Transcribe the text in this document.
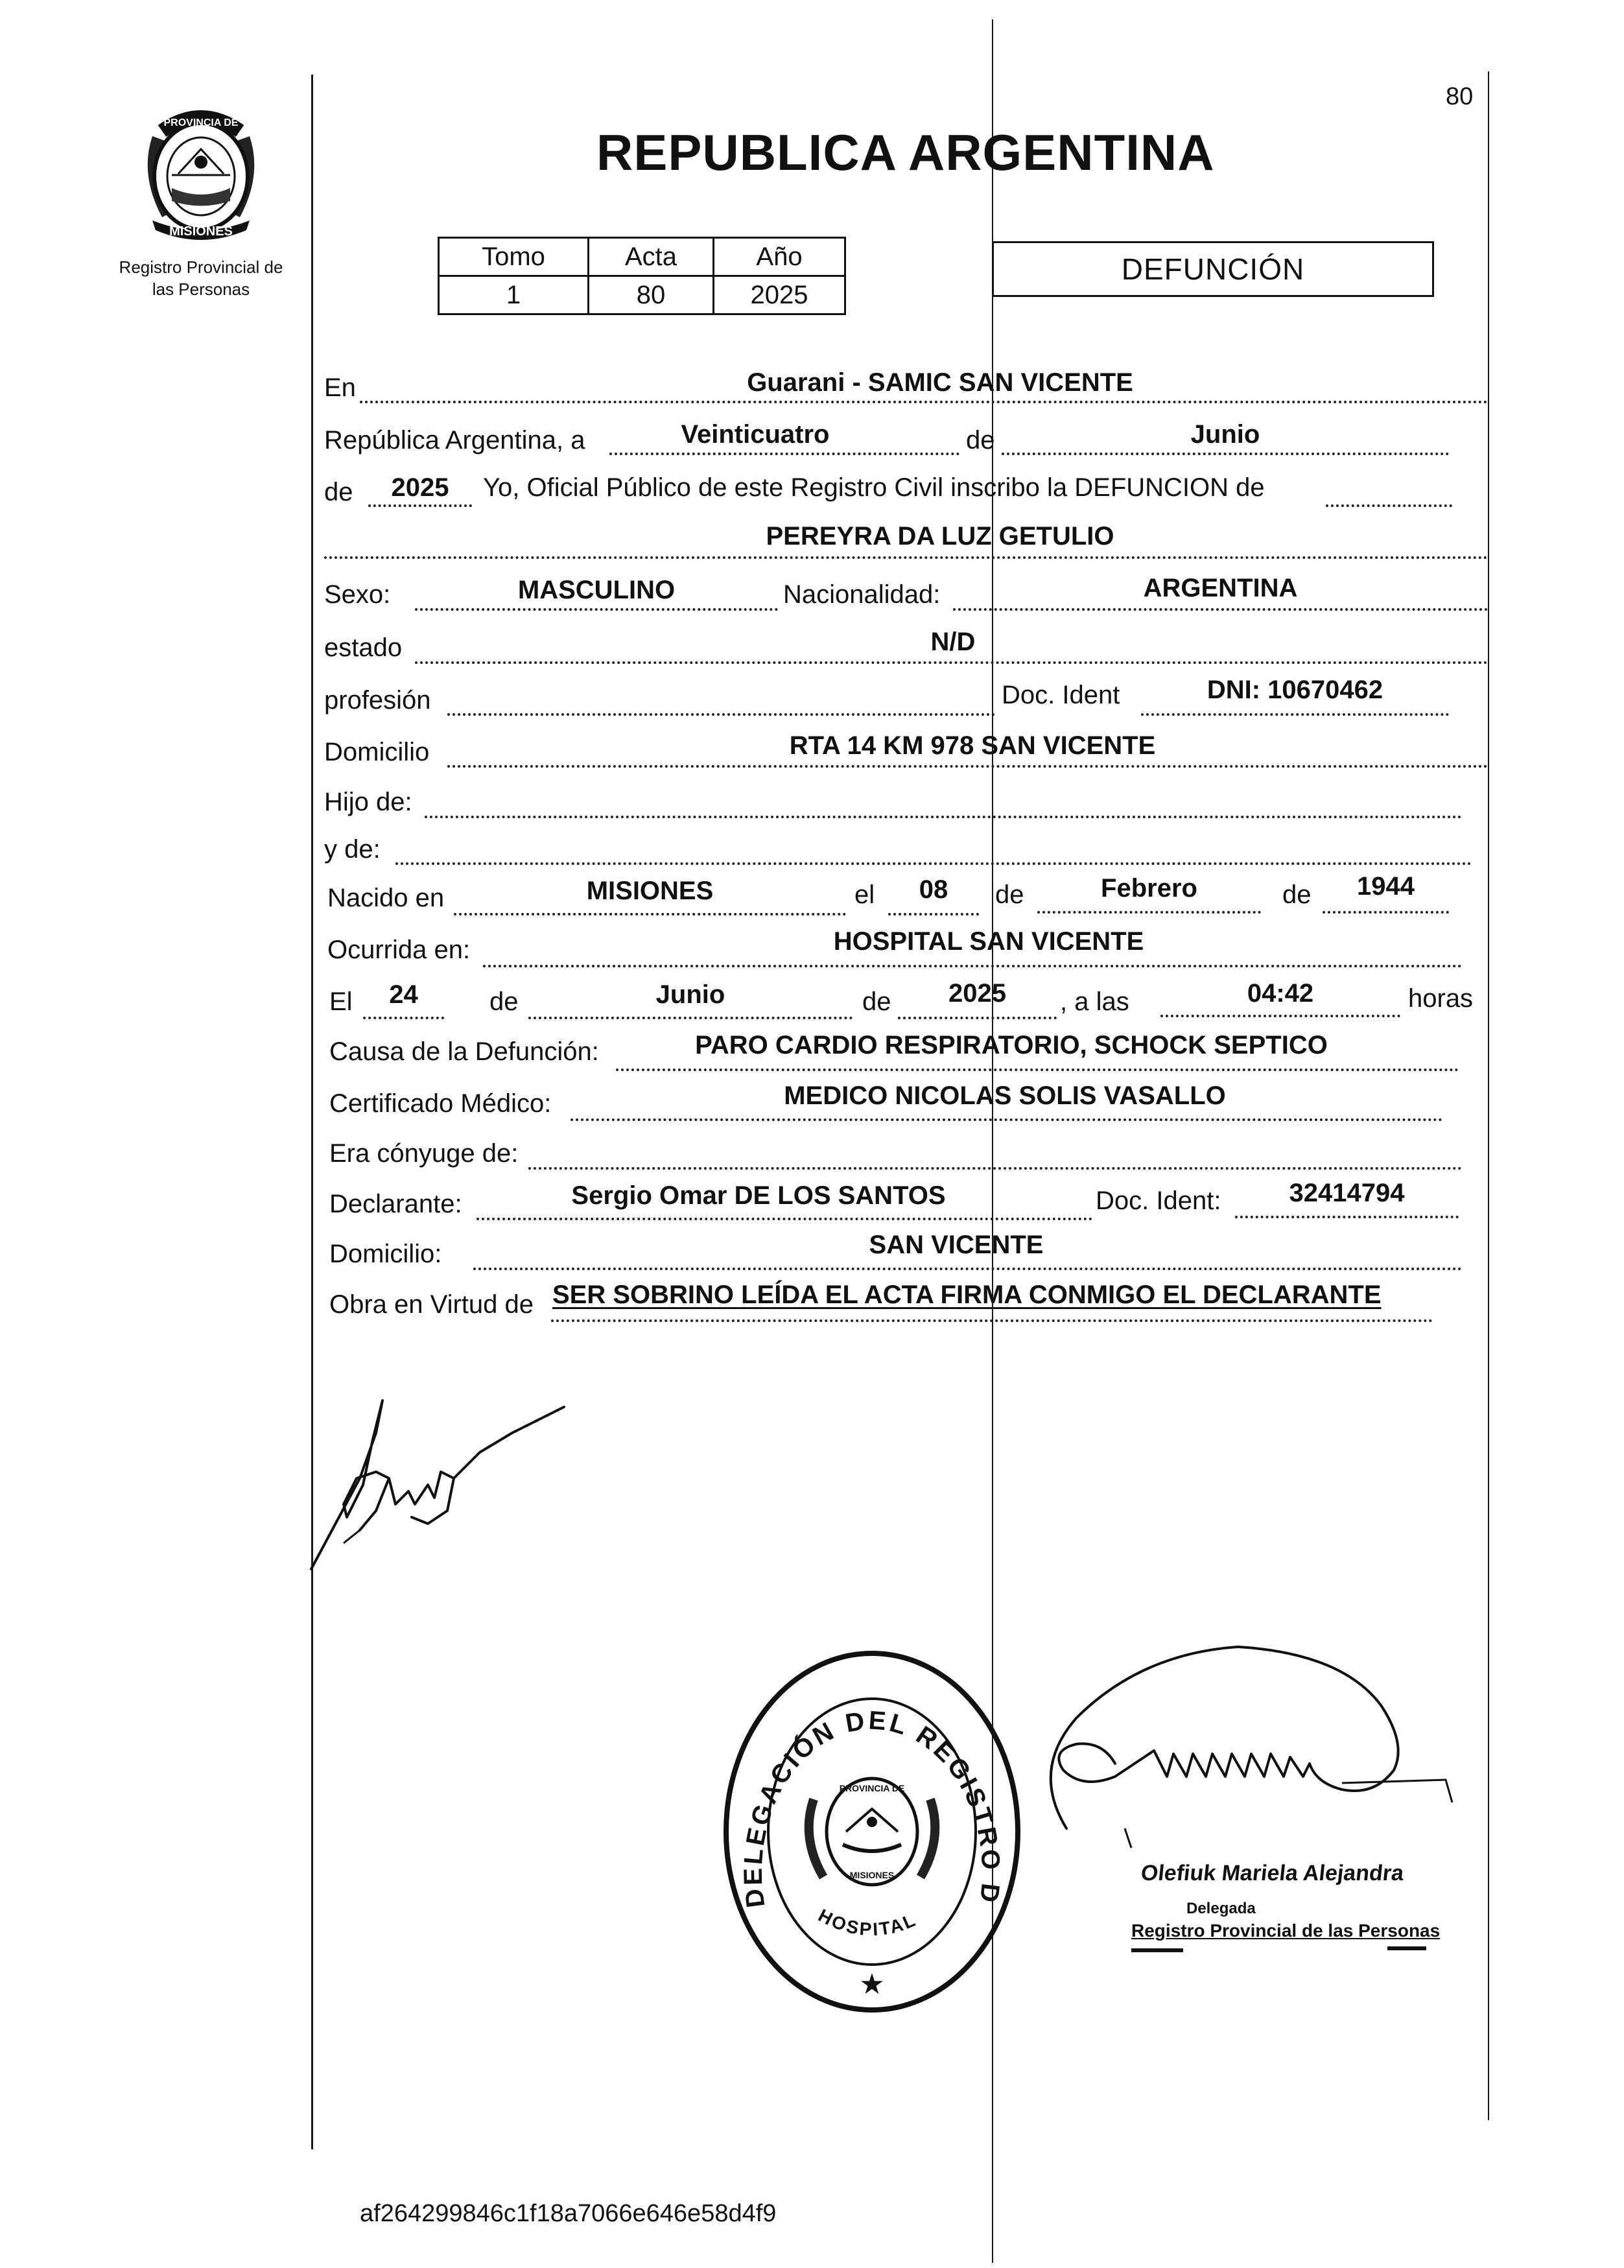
MISIONES
PROVINCIA DE
Registro Provincial de
las Personas
REPUBLICA ARGENTINA
80
Tomo	Acta	Año
1	80	2025
DEFUNCIÓN
En	Guarani - SAMIC SAN VICENTE
República Argentina, a	Veinticuatro	de	Junio
de	2025	Yo, Oficial Público de este Registro Civil inscribo la DEFUNCION de
PEREYRA DA LUZ GETULIO
Sexo:	MASCULINO	Nacionalidad:	ARGENTINA
estado	N/D
profesión	Doc. Ident	DNI: 10670462
Domicilio	RTA 14 KM 978 SAN VICENTE
Hijo de:
y de:
Nacido en	MISIONES	el	08	de	Febrero	de	1944
Ocurrida en:	HOSPITAL SAN VICENTE
El	24	de	Junio	de	2025	, a las	04:42	horas
Causa de la Defunción:	PARO CARDIO RESPIRATORIO, SCHOCK SEPTICO
Certificado Médico:	MEDICO NICOLAS SOLIS VASALLO
Era cónyuge de:
Declarante:	Sergio Omar DE LOS SANTOS	Doc. Ident:	32414794
Domicilio:	SAN VICENTE
Obra en Virtud de SER SOBRINO LEÍDA EL ACTA FIRMA CONMIGO EL DECLARANTE
DELEGACIÓN DEL REGISTRO D
HOSPITAL
PROVINCIA DE
MISIONES
★
Olefiuk Mariela Alejandra
Delegada
Registro Provincial de las Personas
af264299846c1f18a7066e646e58d4f9
